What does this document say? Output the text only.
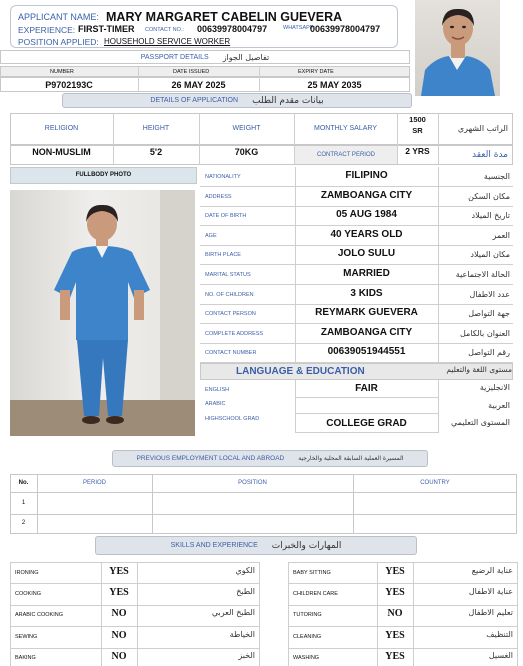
APPLICANT NAME: MARY MARGARET CABELIN GUEVERA
EXPERIENCE: FIRST-TIMER CONTACT NO.: 00639978004797	WHATSAPP:
00639978004797
POSITION APPLIED: HOUSEHOLD SERVICE WORKER
PASSPORT DETAILS تفاصيل الجواز
NUMBER	DATE ISSUED	EXPIRY DATE
P9702193C	26 MAY 2025	25 MAY 2035
DETAILS OF APPLICATION بيانات مقدم الطلب
RELIGION	HEIGHT	WEIGHT	MONTHLY SALARY
1500
SR	الراتب الشهري
NON-MUSLIM	5'2	70KG	CONTRACT PERIOD	2 YRS	مدة العقد
FULLBODY PHOTO	NATIONALITY	FILIPINO	الجنسية
ADDRESS	ZAMBOANGA CITY	مكان السكن
DATE OF BIRTH	05 AUG 1984	تاريخ الميلاد
AGE	40 YEARS OLD	العمر
BIRTH PLACE	JOLO SULU	مكان الميلاد
MARITAL STATUS	MARRIED	الحالة الاجتماعية
NO. OF CHILDREN	3 KIDS	عدد الاطفال
CONTACT PERSON	REYMARK GUEVERA	جهة التواصل
COMPLETE ADDRESS	ZAMBOANGA CITY	العنوان بالكامل
CONTACT NUMBER	00639051944551	رقم التواصل
LANGUAGE & EDUCATION	مستوى اللغة والتعليم
ENGLISH	FAIR	الانجليزية
ARABIC	العربية
HIGHSCHOOL GRAD	COLLEGE GRAD	المستوى التعليمي
PREVIOUS EMPLOYMENT LOCAL AND ABROAD المسيرة العملية السابقة المحلية والخارجية
No.	PERIOD	POSITION	COUNTRY
1
2
SKILLS AND EXPERIENCE المهارات والخبرات
IRONING	YES	الكوي
COOKING	YES	الطبخ
ARABIC COOKING	NO	الطبخ العربي
SEWING	NO	الخياطة
BAKING	NO	الخبز
BABY SITTING	YES	عناية الرضيع
CHILDREN CARE	YES	عناية الاطفال
TUTORING	NO	تعليم الاطفال
CLEANING	YES	التنظيف
WASHING	YES	الغسيل
